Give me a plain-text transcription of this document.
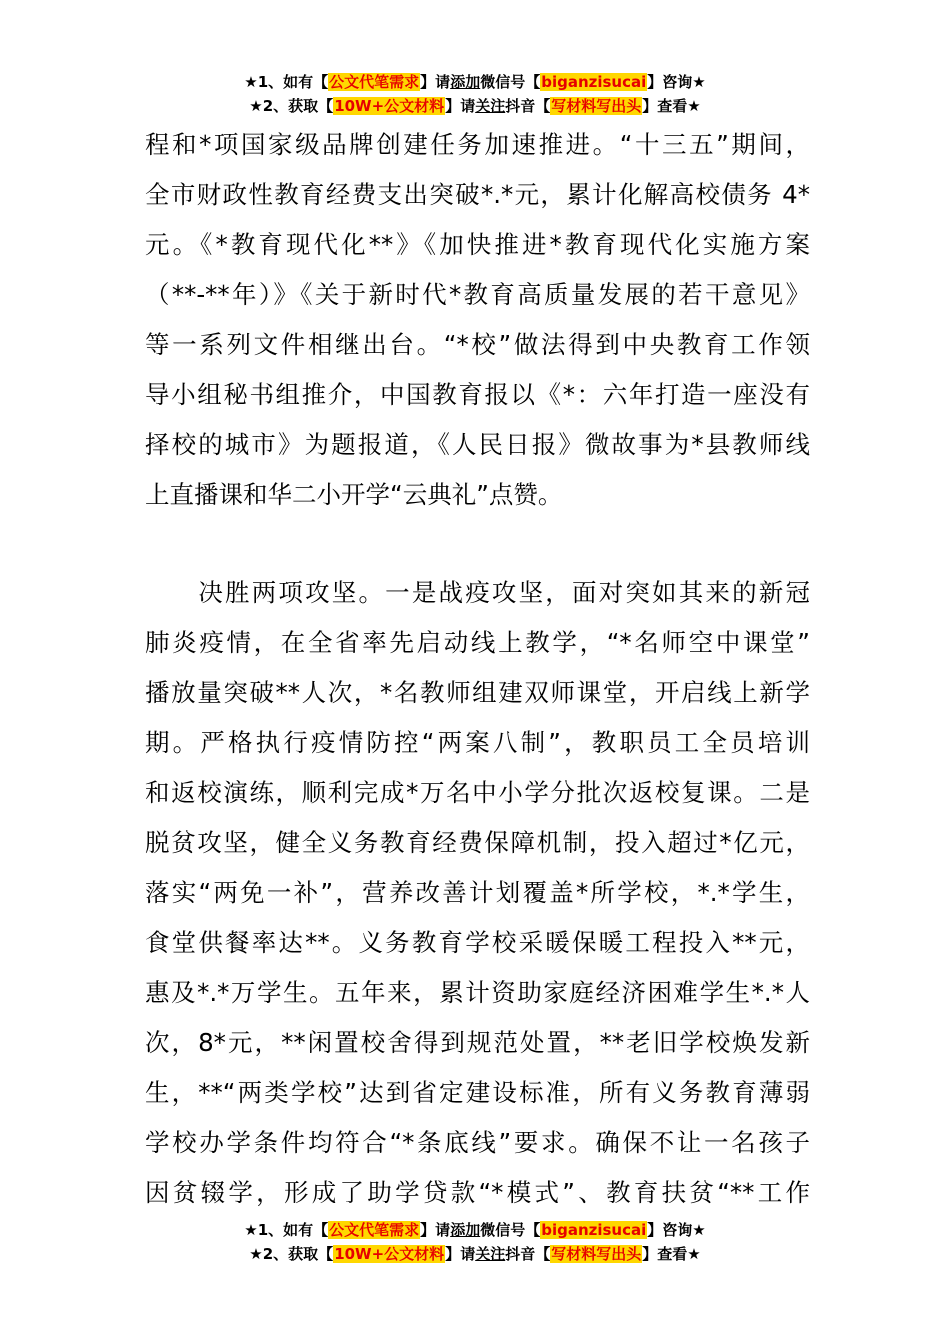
★1、如有【公文代笔需求】请添加微信号【biganzisucai】咨询★
★2、获取【10W+公文材料】请关注抖音【写材料写出头】查看★
程和*项国家级品牌创建任务加速推进。“十三五”期间，
全市财政性教育经费支出突破*.*元，累计化解高校债务 4*
元。《*教育现代化**》《加快推进*教育现代化实施方案
（**-**年）》《关于新时代*教育高质量发展的若干意见》
等一系列文件相继出台。“*校”做法得到中央教育工作领
导小组秘书组推介，中国教育报以《*：六年打造一座没有
择校的城市》为题报道，《人民日报》微故事为*县教师线
上直播课和华二小开学“云典礼”点赞。
　　决胜两项攻坚。一是战疫攻坚，面对突如其来的新冠
肺炎疫情，在全省率先启动线上教学，“*名师空中课堂”
播放量突破**人次，*名教师组建双师课堂，开启线上新学
期。严格执行疫情防控“两案八制”，教职员工全员培训
和返校演练，顺利完成*万名中小学分批次返校复课。二是
脱贫攻坚，健全义务教育经费保障机制，投入超过*亿元，
落实“两免一补”，营养改善计划覆盖*所学校，*.*学生，
食堂供餐率达**。义务教育学校采暖保暖工程投入**元，
惠及*.*万学生。五年来，累计资助家庭经济困难学生*.*人
次，8*元，**闲置校舍得到规范处置，**老旧学校焕发新
生，**“两类学校”达到省定建设标准，所有义务教育薄弱
学校办学条件均符合“*条底线”要求。确保不让一名孩子
因贫辍学，形成了助学贷款“*模式”、教育扶贫“**工作
★1、如有【公文代笔需求】请添加微信号【biganzisucai】咨询★
★2、获取【10W+公文材料】请关注抖音【写材料写出头】查看★
